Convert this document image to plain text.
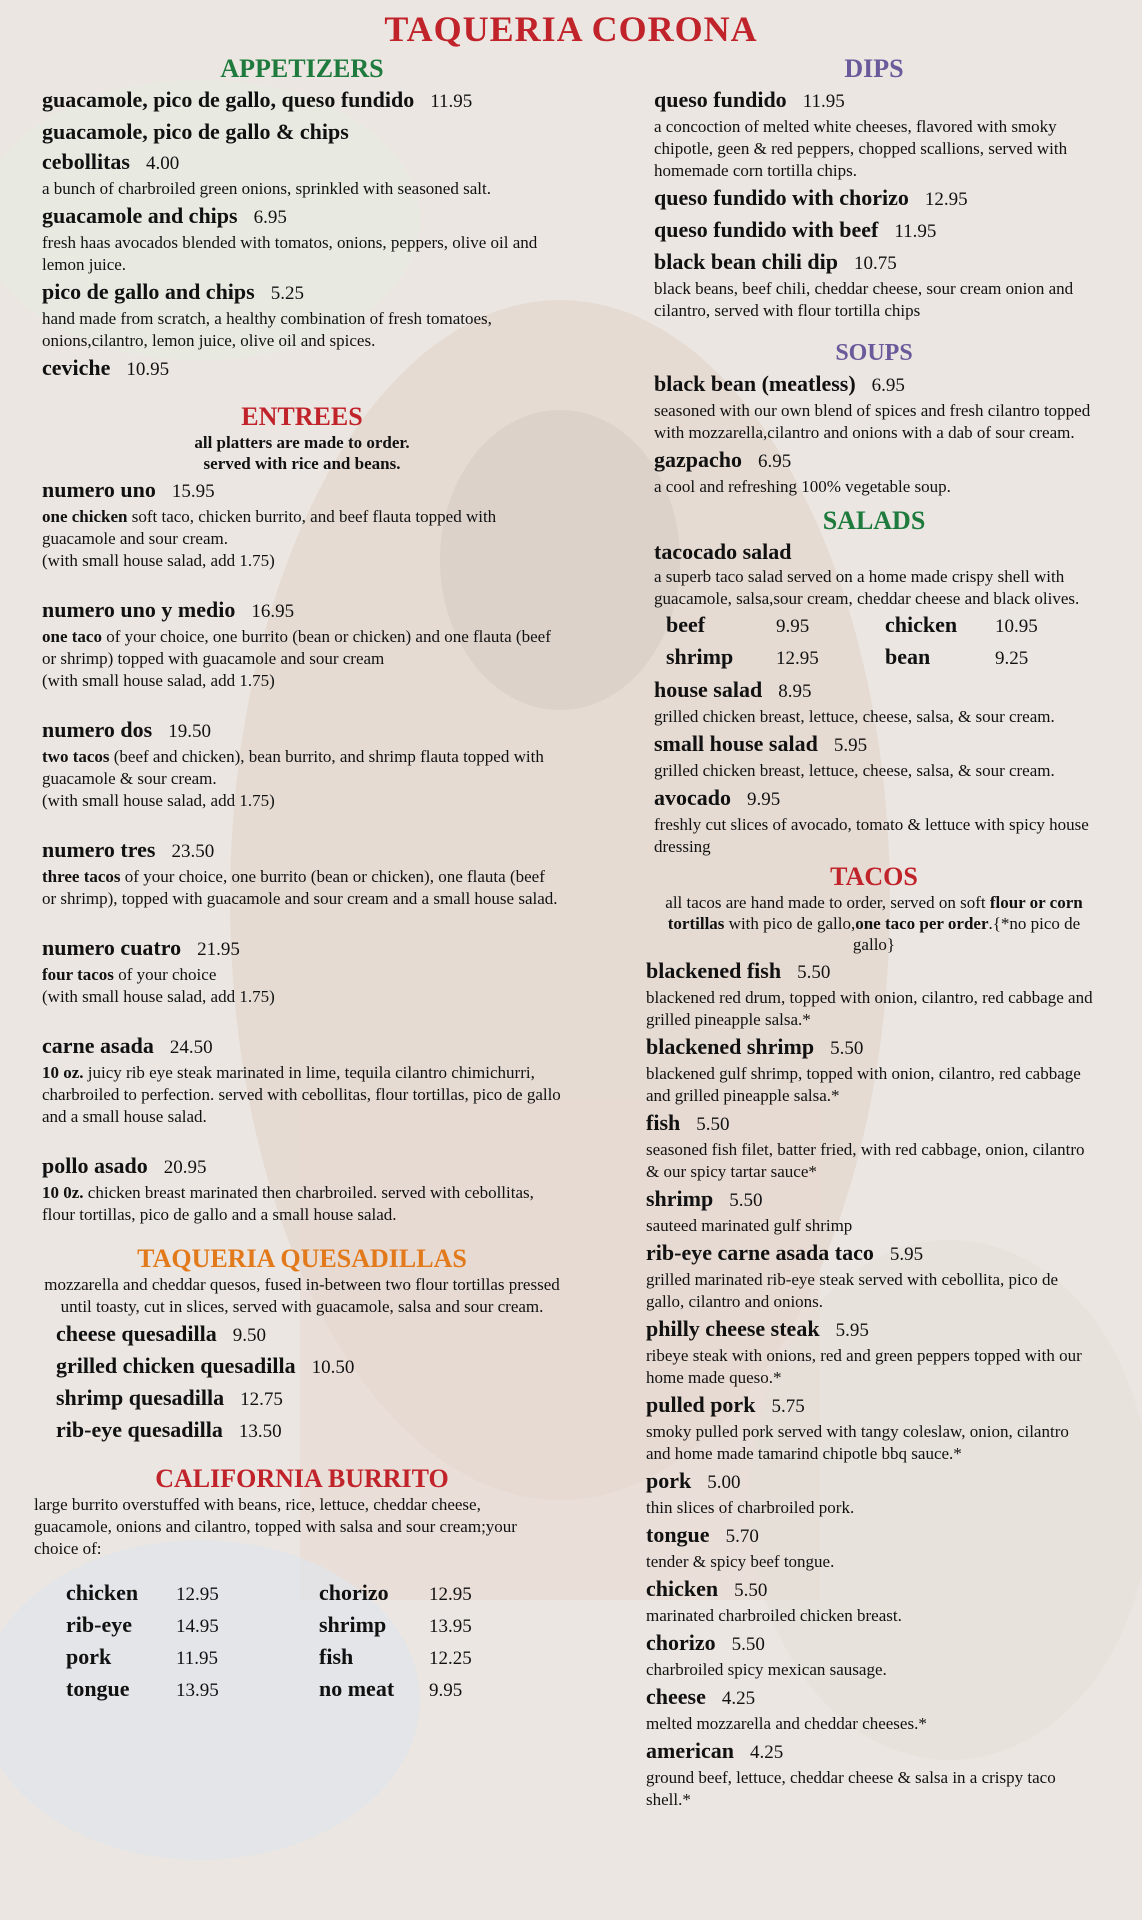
TAQUERIA CORONA
APPETIZERS
guacamole, pico de gallo, queso fundido 11.95
guacamole, pico de gallo & chips
cebollitas 4.00
a bunch of charbroiled green onions, sprinkled with seasoned salt.
guacamole and chips 6.95
fresh haas avocados blended with tomatos, onions, peppers, olive oil and lemon juice.
pico de gallo and chips 5.25
hand made from scratch, a healthy combination of fresh tomatoes, onions,cilantro, lemon juice, olive oil and spices.
ceviche 10.95
ENTREES
all platters are made to order.
served with rice and beans.
numero uno 15.95
one chicken soft taco, chicken burrito, and beef flauta topped with guacamole and sour cream.
(with small house salad, add 1.75)
numero uno y medio 16.95
one taco of your choice, one burrito (bean or chicken) and one flauta (beef or shrimp) topped with guacamole and sour cream
(with small house salad, add 1.75)
numero dos 19.50
two tacos (beef and chicken), bean burrito, and shrimp flauta topped with guacamole & sour cream.
(with small house salad, add 1.75)
numero tres 23.50
three tacos of your choice, one burrito (bean or chicken), one flauta (beef or shrimp), topped with guacamole and sour cream and a small house salad.
numero cuatro 21.95
four tacos of your choice
(with small house salad, add 1.75)
carne asada 24.50
10 oz. juicy rib eye steak marinated in lime, tequila cilantro chimichurri, charbroiled to perfection. served with cebollitas, flour tortillas, pico de gallo and a small house salad.
pollo asado 20.95
10 0z. chicken breast marinated then charbroiled. served with cebollitas, flour tortillas, pico de gallo and a small house salad.
TAQUERIA QUESADILLAS
mozzarella and cheddar quesos, fused in-between two flour tortillas pressed until toasty, cut in slices, served with guacamole, salsa and sour cream.
cheese quesadilla 9.50
grilled chicken quesadilla 10.50
shrimp quesadilla 12.75
rib-eye quesadilla 13.50
CALIFORNIA BURRITO
large burrito overstuffed with beans, rice, lettuce, cheddar cheese, guacamole, onions and cilantro, topped with salsa and sour cream;your choice of:
chicken 12.95	chorizo 12.95
rib-eye 14.95	shrimp 13.95
pork	11.95	fish	12.25
tongue 13.95	no meat 9.95
DIPS
queso fundido 11.95
a concoction of melted white cheeses, flavored with smoky chipotle, geen & red peppers, chopped scallions, served with homemade corn tortilla chips.
queso fundido with chorizo 12.95
queso fundido with beef 11.95
black bean chili dip 10.75
black beans, beef chili, cheddar cheese, sour cream onion and cilantro, served with flour tortilla chips
SOUPS
black bean (meatless) 6.95
seasoned with our own blend of spices and fresh cilantro topped with mozzarella,cilantro and onions with a dab of sour cream.
gazpacho 6.95
a cool and refreshing 100% vegetable soup.
SALADS
tacocado salad
a superb taco salad served on a home made crispy shell with guacamole, salsa,sour cream, cheddar cheese and black olives.
beef	9.95	chicken 10.95
shrimp 12.95	bean	9.25
house salad 8.95
grilled chicken breast, lettuce, cheese, salsa, & sour cream.
small house salad 5.95
grilled chicken breast, lettuce, cheese, salsa, & sour cream.
avocado 9.95
freshly cut slices of avocado, tomato & lettuce with spicy house dressing
TACOS
all tacos are hand made to order, served on soft flour or corn tortillas with pico de gallo,one taco per order.{*no pico de gallo}
blackened fish 5.50
blackened red drum, topped with onion, cilantro, red cabbage and grilled pineapple salsa.*
blackened shrimp 5.50
blackened gulf shrimp, topped with onion, cilantro, red cabbage and grilled pineapple salsa.*
fish 5.50
seasoned fish filet, batter fried, with red cabbage, onion, cilantro & our spicy tartar sauce*
shrimp 5.50
sauteed marinated gulf shrimp
rib-eye carne asada taco 5.95
grilled marinated rib-eye steak served with cebollita, pico de gallo, cilantro and onions.
philly cheese steak 5.95
ribeye steak with onions, red and green peppers topped with our home made queso.*
pulled pork 5.75
smoky pulled pork served with tangy coleslaw, onion, cilantro and home made tamarind chipotle bbq sauce.*
pork 5.00
thin slices of charbroiled pork.
tongue 5.70
tender & spicy beef tongue.
chicken 5.50
marinated charbroiled chicken breast.
chorizo 5.50
charbroiled spicy mexican sausage.
cheese 4.25
melted mozzarella and cheddar cheeses.*
american 4.25
ground beef, lettuce, cheddar cheese & salsa in a crispy taco shell.*
